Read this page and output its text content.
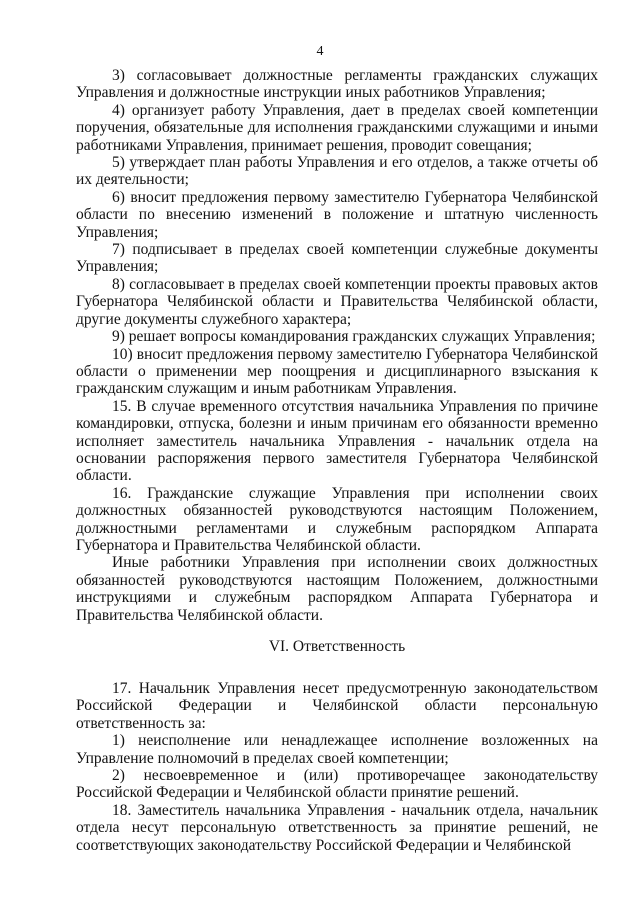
4

3) согласовывает должностные регламенты гражданских служащих Управления и должностные инструкции иных работников Управления;

4) организует работу Управления, дает в пределах своей компетенции поручения, обязательные для исполнения гражданскими служащими и иными работниками Управления, принимает решения, проводит совещания;

5) утверждает план работы Управления и его отделов, а также отчеты об их деятельности;

6) вносит предложения первому заместителю Губернатора Челябинской области по внесению изменений в положение и штатную численность Управления;

7) подписывает в пределах своей компетенции служебные документы Управления;

8) согласовывает в пределах своей компетенции проекты правовых актов Губернатора Челябинской области и Правительства Челябинской области, другие документы служебного характера;

9) решает вопросы командирования гражданских служащих Управления;

10) вносит предложения первому заместителю Губернатора Челябинской области о применении мер поощрения и дисциплинарного взыскания к гражданским служащим и иным работникам Управления.

15. В случае временного отсутствия начальника Управления по причине командировки, отпуска, болезни и иным причинам его обязанности временно исполняет заместитель начальника Управления - начальник отдела на основании распоряжения первого заместителя Губернатора Челябинской области.

16. Гражданские служащие Управления при исполнении своих должностных обязанностей руководствуются настоящим Положением, должностными регламентами и служебным распорядком Аппарата Губернатора и Правительства Челябинской области.

Иные работники Управления при исполнении своих должностных обязанностей руководствуются настоящим Положением, должностными инструкциями и служебным распорядком Аппарата Губернатора и Правительства Челябинской области.

VI. Ответственность

17. Начальник Управления несет предусмотренную законодательством Российской Федерации и Челябинской области персональную ответственность за:

1) неисполнение или ненадлежащее исполнение возложенных на Управление полномочий в пределах своей компетенции;

2) несвоевременное и (или) противоречащее законодательству Российской Федерации и Челябинской области принятие решений.

18. Заместитель начальника Управления - начальник отдела, начальник отдела несут персональную ответственность за принятие решений, не соответствующих законодательству Российской Федерации и Челябинской
